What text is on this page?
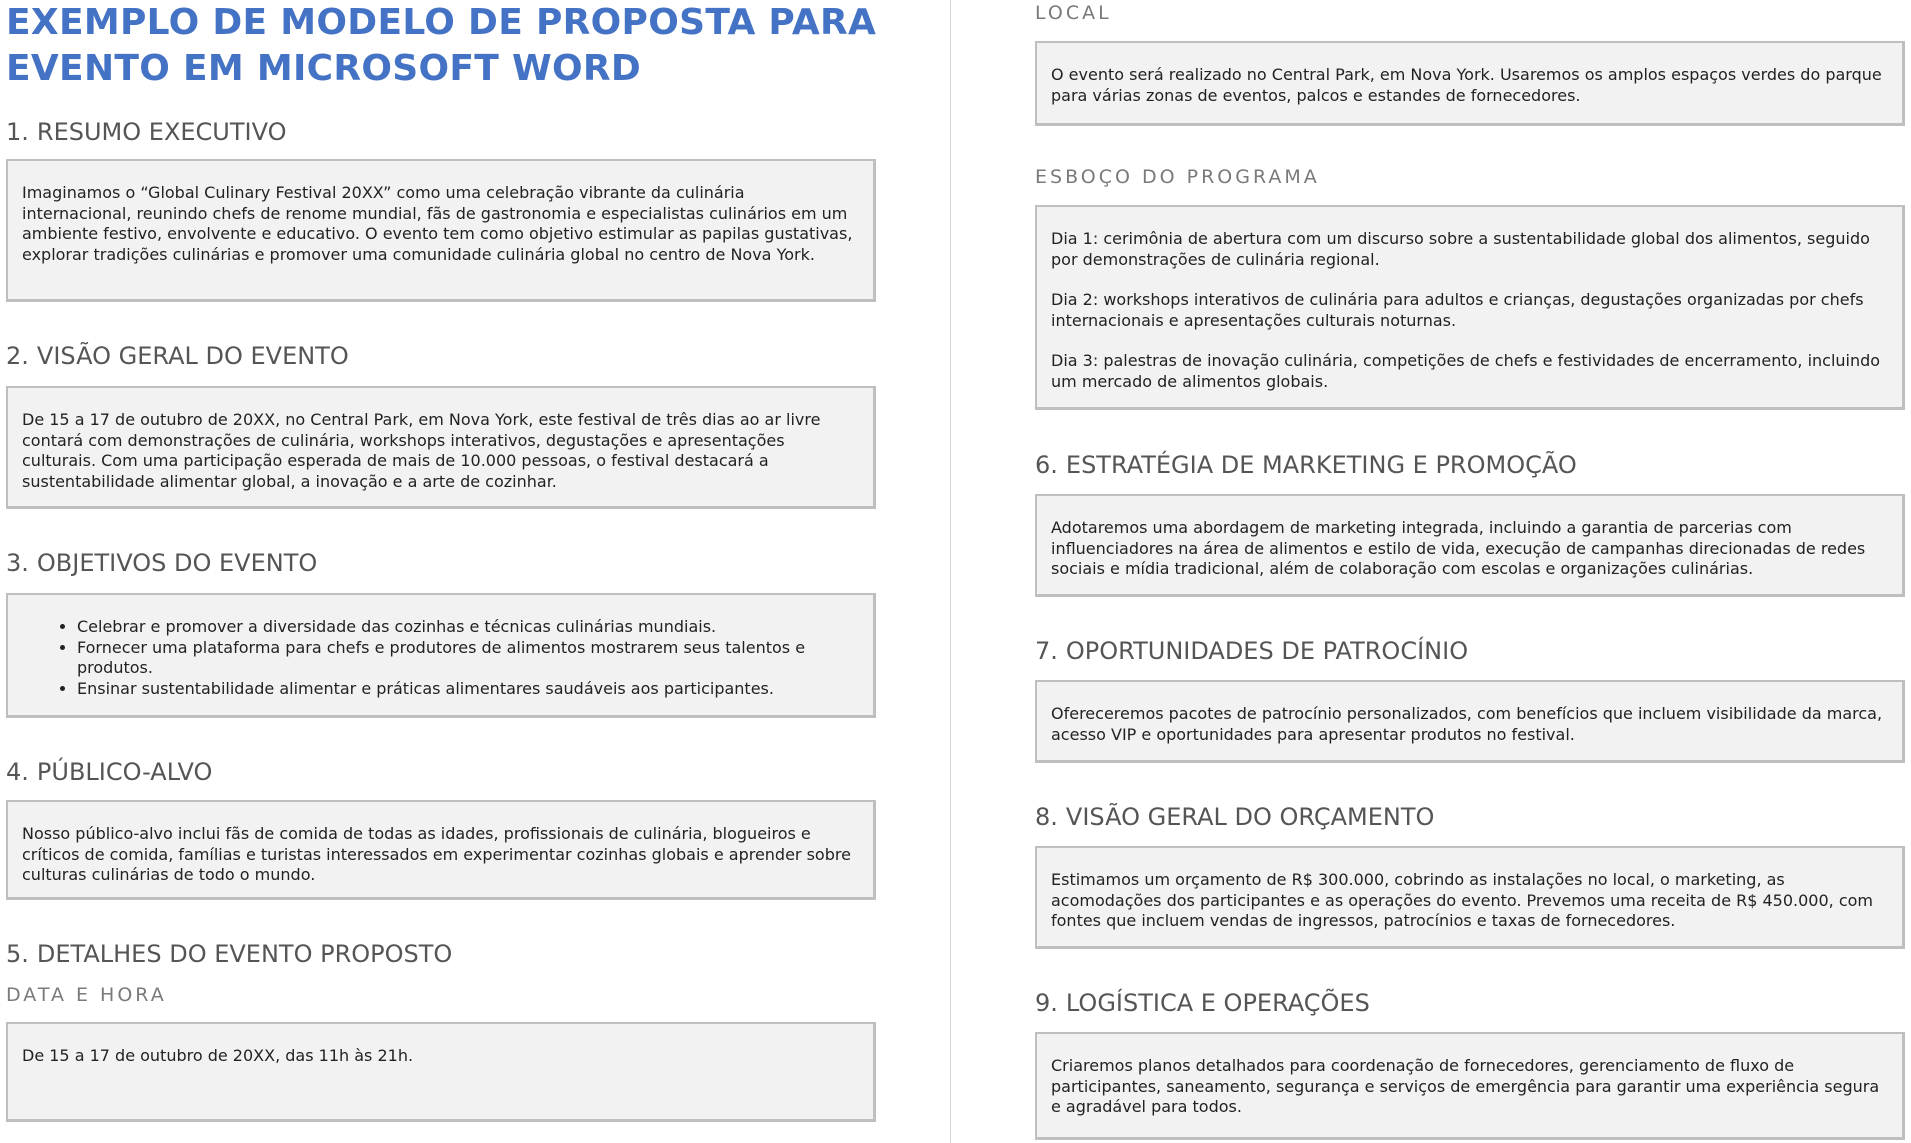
EXEMPLO DE MODELO DE PROPOSTA PARA
EVENTO EM MICROSOFT WORD
1. RESUMO EXECUTIVO

Imaginamos o “Global Culinary Festival 20XX” como uma celebração vibrante da culinária internacional, reunindo chefs de renome mundial, fãs de gastronomia e especialistas culinários em um ambiente festivo, envolvente e educativo. O evento tem como objetivo estimular as papilas gustativas, explorar tradições culinárias e promover uma comunidade culinária global no centro de Nova York.

2. VISÃO GERAL DO EVENTO

De 15 a 17 de outubro de 20XX, no Central Park, em Nova York, este festival de três dias ao ar livre contará com demonstrações de culinária, workshops interativos, degustações e apresentações culturais. Com uma participação esperada de mais de 10.000 pessoas, o festival destacará a sustentabilidade alimentar global, a inovação e a arte de cozinhar.

3. OBJETIVOS DO EVENTO
• Celebrar e promover a diversidade das cozinhas e técnicas culinárias mundiais.
• Fornecer uma plataforma para chefs e produtores de alimentos mostrarem seus talentos e produtos.
• Ensinar sustentabilidade alimentar e práticas alimentares saudáveis aos participantes.
4. PÚBLICO-ALVO

Nosso público-alvo inclui fãs de comida de todas as idades, profissionais de culinária, blogueiros e críticos de comida, famílias e turistas interessados em experimentar cozinhas globais e aprender sobre culturas culinárias de todo o mundo.

5. DETALHES DO EVENTO PROPOSTO
DATA E HORA

De 15 a 17 de outubro de 20XX, das 11h às 21h.

LOCAL

O evento será realizado no Central Park, em Nova York. Usaremos os amplos espaços verdes do parque para várias zonas de eventos, palcos e estandes de fornecedores.

ESBOÇO DO PROGRAMA

Dia 1: cerimônia de abertura com um discurso sobre a sustentabilidade global dos alimentos, seguido por demonstrações de culinária regional.

Dia 2: workshops interativos de culinária para adultos e crianças, degustações organizadas por chefs internacionais e apresentações culturais noturnas.

Dia 3: palestras de inovação culinária, competições de chefs e festividades de encerramento, incluindo um mercado de alimentos globais.

6. ESTRATÉGIA DE MARKETING E PROMOÇÃO

Adotaremos uma abordagem de marketing integrada, incluindo a garantia de parcerias com influenciadores na área de alimentos e estilo de vida, execução de campanhas direcionadas de redes sociais e mídia tradicional, além de colaboração com escolas e organizações culinárias.

7. OPORTUNIDADES DE PATROCÍNIO

Ofereceremos pacotes de patrocínio personalizados, com benefícios que incluem visibilidade da marca, acesso VIP e oportunidades para apresentar produtos no festival.

8. VISÃO GERAL DO ORÇAMENTO

Estimamos um orçamento de R$ 300.000, cobrindo as instalações no local, o marketing, as acomodações dos participantes e as operações do evento. Prevemos uma receita de R$ 450.000, com fontes que incluem vendas de ingressos, patrocínios e taxas de fornecedores.

9. LOGÍSTICA E OPERAÇÕES

Criaremos planos detalhados para coordenação de fornecedores, gerenciamento de fluxo de participantes, saneamento, segurança e serviços de emergência para garantir uma experiência segura e agradável para todos.
